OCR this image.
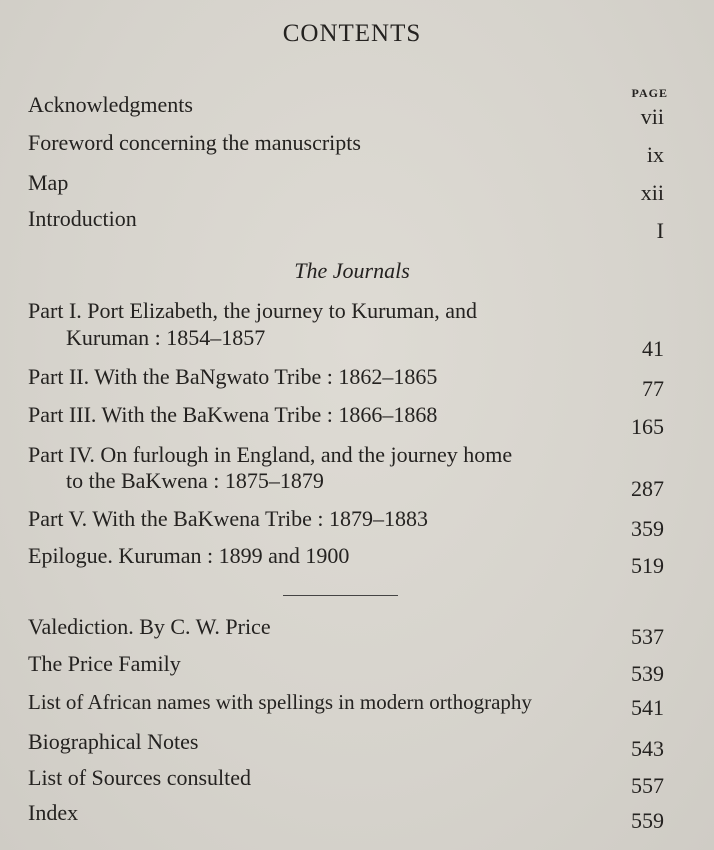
CONTENTS
PAGE
Acknowledgments	vii
Foreword concerning the manuscripts	ix
Map	xii
Introduction	I
The Journals
Part I. Port Elizabeth, the journey to Kuruman, and
Kuruman : 1854–1857	41
Part II. With the BaNgwato Tribe : 1862–1865	77
Part III. With the BaKwena Tribe : 1866–1868	165
Part IV. On furlough in England, and the journey home
to the BaKwena : 1875–1879	287
Part V. With the BaKwena Tribe : 1879–1883	359
Epilogue. Kuruman : 1899 and 1900	519
Valediction. By C. W. Price	537
The Price Family	539
List of African names with spellings in modern orthography	541
Biographical Notes	543
List of Sources consulted	557
Index	559
